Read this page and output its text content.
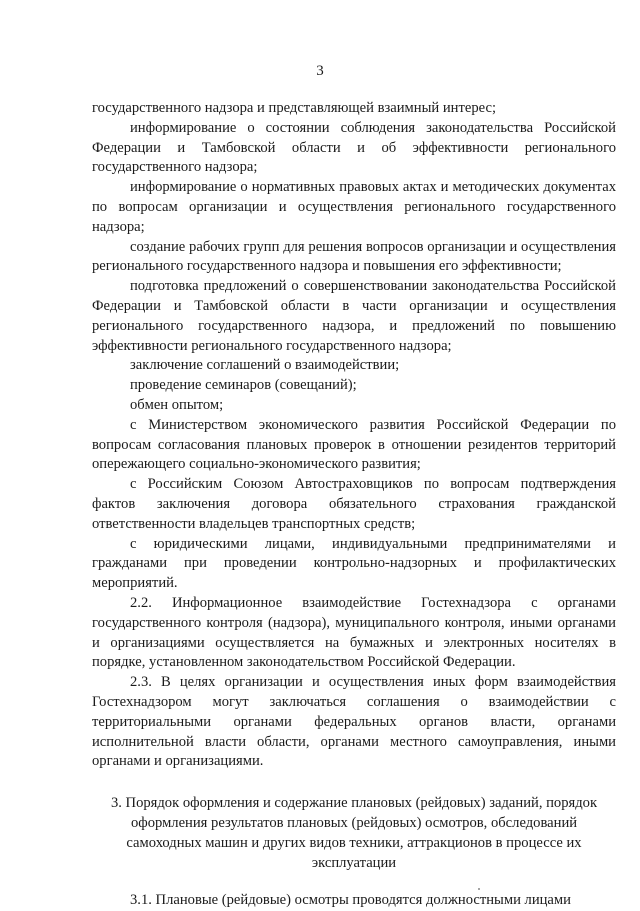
3

государственного надзора и представляющей взаимный интерес;

информирование о состоянии соблюдения законодательства Российской Федерации и Тамбовской области и об эффективности регионального государственного надзора;

информирование о нормативных правовых актах и методических документах по вопросам организации и осуществления регионального государственного надзора;

создание рабочих групп для решения вопросов организации и осуществления регионального государственного надзора и повышения его эффективности;

подготовка предложений о совершенствовании законодательства Российской Федерации и Тамбовской области в части организации и осуществления регионального государственного надзора, и предложений по повышению эффективности регионального государственного надзора;

заключение соглашений о взаимодействии;

проведение семинаров (совещаний);

обмен опытом;

с Министерством экономического развития Российской Федерации по вопросам согласования плановых проверок в отношении резидентов территорий опережающего социально-экономического развития;

с Российским Союзом Автостраховщиков по вопросам подтверждения фактов заключения договора обязательного страхования гражданской ответственности владельцев транспортных средств;

с юридическими лицами, индивидуальными предпринимателями и гражданами при проведении контрольно-надзорных и профилактических мероприятий.

2.2. Информационное взаимодействие Гостехнадзора с органами государственного контроля (надзора), муниципального контроля, иными органами и организациями осуществляется на бумажных и электронных носителях в порядке, установленном законодательством Российской Федерации.

2.3. В целях организации и осуществления иных форм взаимодействия Гостехнадзором могут заключаться соглашения о взаимодействии с территориальными органами федеральных органов власти, органами исполнительной власти области, органами местного самоуправления, иными органами и организациями.

3. Порядок оформления и содержание плановых (рейдовых) заданий, порядок оформления результатов плановых (рейдовых) осмотров, обследований самоходных машин и других видов техники, аттракционов в процессе их эксплуатации

3.1. Плановые (рейдовые) осмотры проводятся должностными лицами
